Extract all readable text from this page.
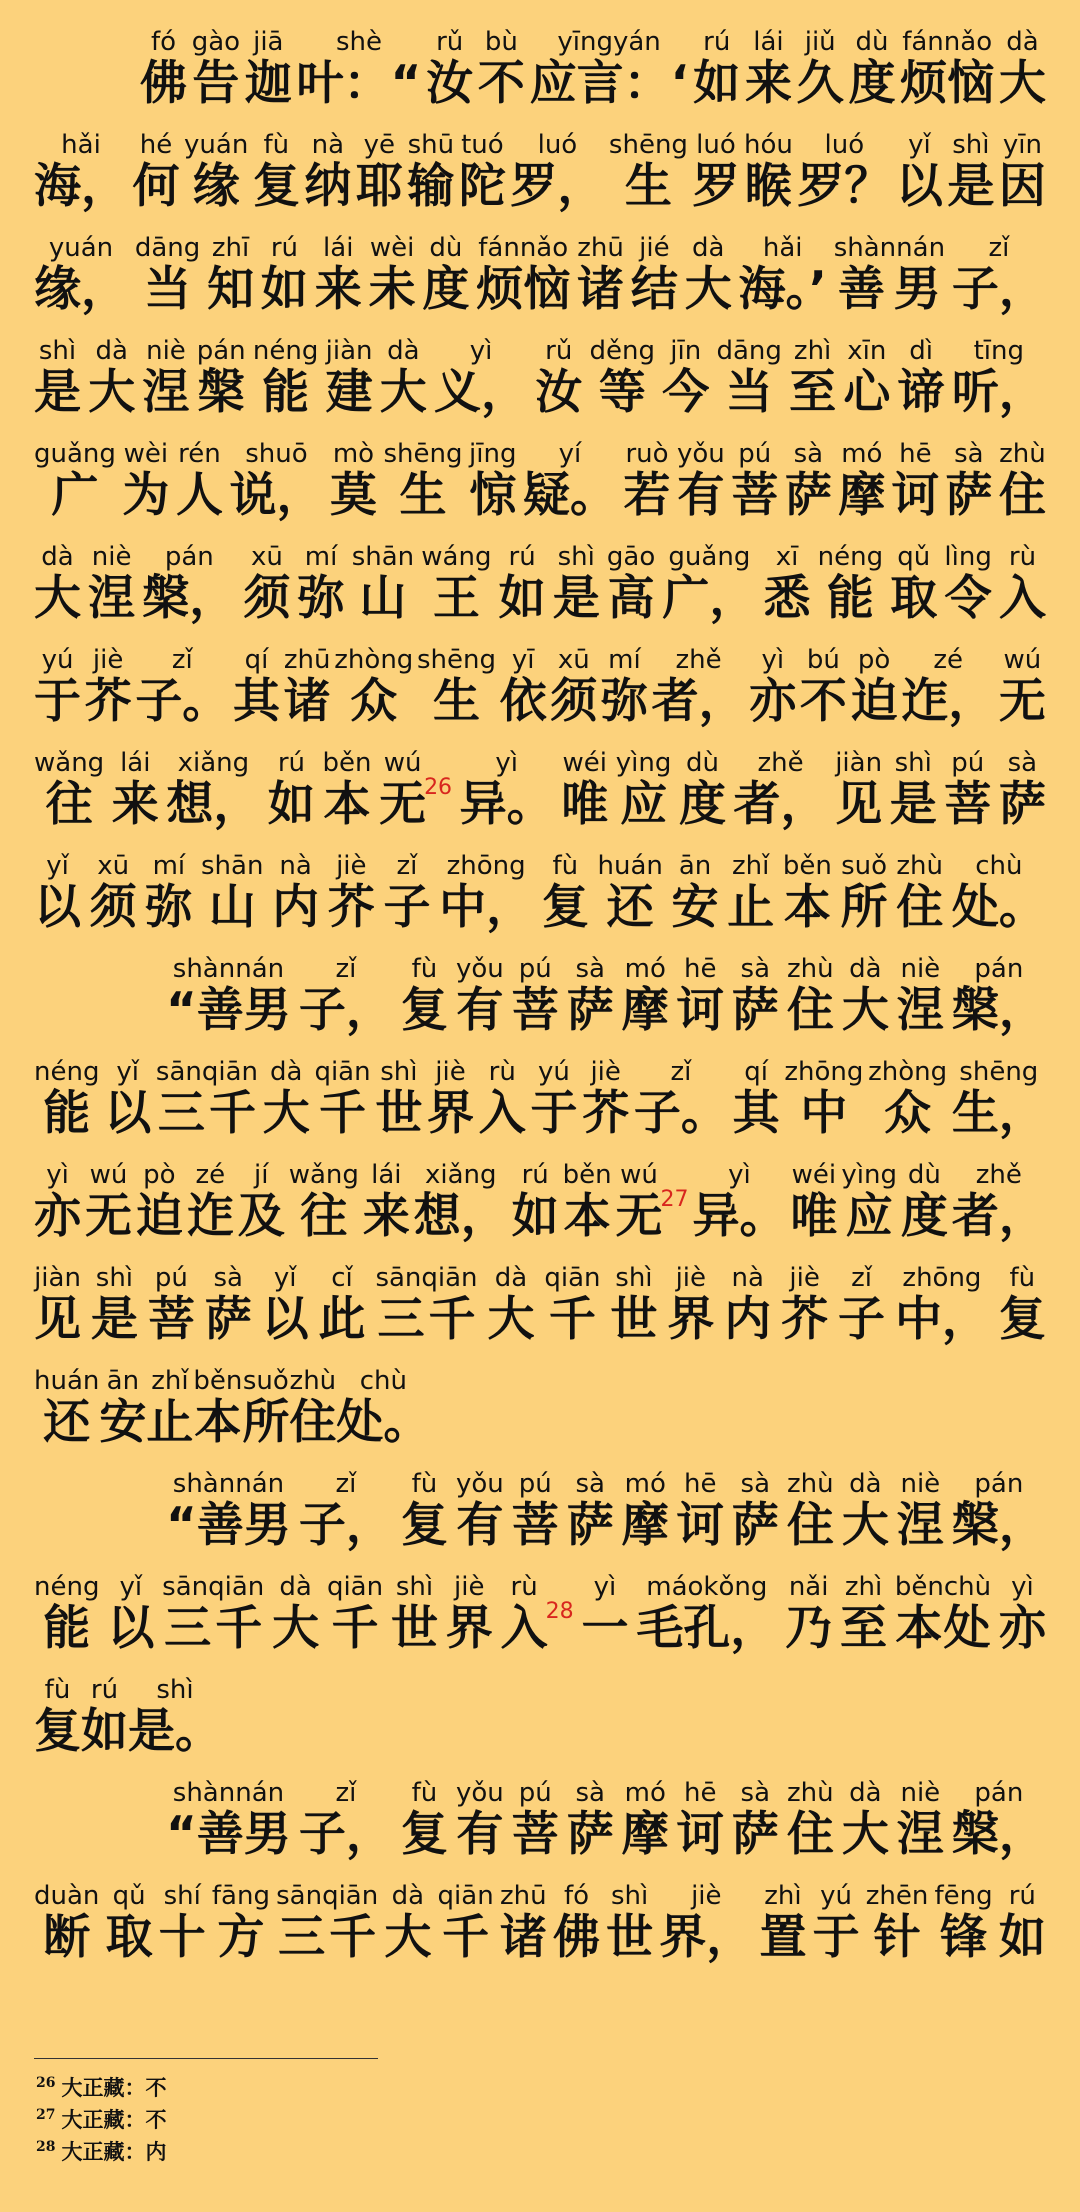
佛fó
告gào
迦jiā
叶：“shè
汝rǔ
不bù
应言：‘yīngyán
如rú
来lái
久jiǔ
度dù
烦恼fánnǎo
大dà
海，hǎi
何hé
缘yuán
复fù
纳nà
耶yē
输shū
陀tuó
罗，luó
生shēng
罗luó
睺hóu
罗？luó
以yǐ
是shì
因yīn
缘，yuán
当dāng
知zhī
如rú
来lái
未wèi
度dù
烦恼fánnǎo
诸zhū
结jié
大dà
海。’hǎi
善男shànnán
子，zǐ
是shì
大dà
涅niè
槃pán
能néng
建jiàn
大dà
义，yì
汝rǔ
等děng
今jīn
当dāng
至zhì
心xīn
谛dì
听，tīng
广guǎng
为wèi
人rén
说，shuō
莫mò
生shēng
惊jīng
疑。yí
若ruò
有yǒu
菩pú
萨sà
摩mó
诃hē
萨sà
住zhù
大dà
涅niè
槃，pán
须xū
弥mí
山shān
王wáng
如rú
是shì
高gāo
广，guǎng
悉xī
能néng
取qǔ
令lìng
入rù
于yú
芥jiè
子。zǐ
其qí
诸zhū
众zhòng
生shēng
依yī
须xū
弥mí
者，zhě
亦yì
不bú
迫pò
迮，zé
无wú
往wǎng
来lái
想，xiǎng
如rú
本běn
无wú26 异。yì
唯wéi
应yìng
度dù
者，zhě
见jiàn
是shì
菩pú
萨sà
以yǐ
须xū
弥mí
山shān
内nà
芥jiè
子zǐ
中，zhōng
复fù
还huán
安ān
止zhǐ
本běn
所suǒ
住zhù
处。chù
“善男shànnán
子，zǐ
复fù
有yǒu
菩pú
萨sà
摩mó
诃hē
萨sà
住zhù
大dà
涅niè
槃，pán
能néng
以yǐ
三千sānqiān
大dà
千qiān
世shì
界jiè
入rù
于yú
芥jiè
子。zǐ
其qí
中zhōng
众zhòng
生，shēng
亦yì
无wú
迫pò
迮zé
及jí
往wǎng
来lái
想，xiǎng
如rú
本běn
无wú27 异。yì
唯wéi
应yìng
度dù
者，zhě
见jiàn
是shì
菩pú
萨sà
以yǐ
此cǐ
三千sānqiān
大dà
千qiān
世shì
界jiè
内nà
芥jiè
子zǐ
中，zhōng
复fù
还huán
安ān
止zhǐ
本běn
所suǒ
住zhù
处。chù
“善男shànnán
子，zǐ
复fù
有yǒu
菩pú
萨sà
摩mó
诃hē
萨sà
住zhù
大dà
涅niè
槃，pán
能néng
以yǐ
三千sānqiān
大dà
千qiān
世shì
界jiè
入rù28 一yì
毛孔，máokǒng
乃nǎi
至zhì
本处běnchù
亦yì
复fù
如rú
是。shì
“善男shànnán
子，zǐ
复fù
有yǒu
菩pú
萨sà
摩mó
诃hē
萨sà
住zhù
大dà
涅niè
槃，pán
断duàn
取qǔ
十shí
方fāng
三千sānqiān
大dà
千qiān
诸zhū
佛fó
世shì
界，jiè
置zhì
于yú
针zhēn
锋fēng
如rú
$^{26}$ 大正藏：不
$^{27}$ 大正藏：不
$^{28}$ 大正藏：内
